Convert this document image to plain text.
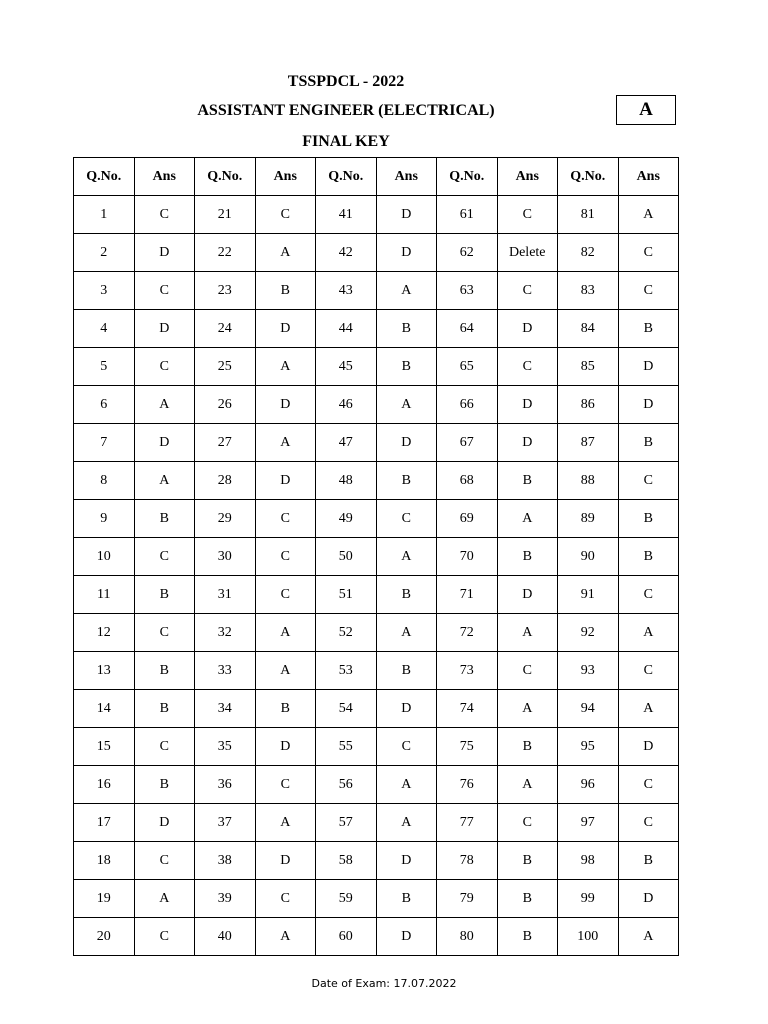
TSSPDCL - 2022
ASSISTANT ENGINEER (ELECTRICAL)
FINAL KEY
A
Q.No.	Ans	Q.No.	Ans	Q.No.	Ans	Q.No.	Ans	Q.No.	Ans
1	C	21	C	41	D	61	C	81	A
2	D	22	A	42	D	62	Delete	82	C
3	C	23	B	43	A	63	C	83	C
4	D	24	D	44	B	64	D	84	B
5	C	25	A	45	B	65	C	85	D
6	A	26	D	46	A	66	D	86	D
7	D	27	A	47	D	67	D	87	B
8	A	28	D	48	B	68	B	88	C
9	B	29	C	49	C	69	A	89	B
10	C	30	C	50	A	70	B	90	B
11	B	31	C	51	B	71	D	91	C
12	C	32	A	52	A	72	A	92	A
13	B	33	A	53	B	73	C	93	C
14	B	34	B	54	D	74	A	94	A
15	C	35	D	55	C	75	B	95	D
16	B	36	C	56	A	76	A	96	C
17	D	37	A	57	A	77	C	97	C
18	C	38	D	58	D	78	B	98	B
19	A	39	C	59	B	79	B	99	D
20	C	40	A	60	D	80	B	100	A
Date of Exam: 17.07.2022
